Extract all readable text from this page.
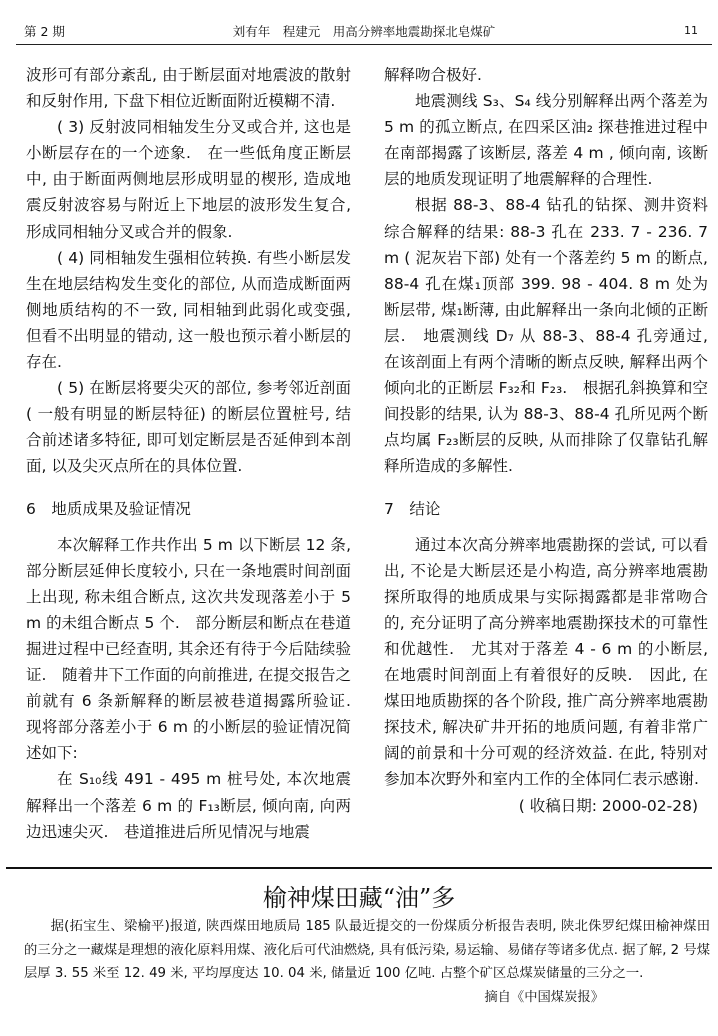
第 2 期	刘有年　程建元　用高分辨率地震勘探北皂煤矿	11

波形可有部分紊乱, 由于断层面对地震波的散射和反射作用, 下盘下相位近断面附近模糊不清.

( 3) 反射波同相轴发生分叉或合并, 这也是小断层存在的一个迹象.　在一些低角度正断层中, 由于断面两侧地层形成明显的楔形, 造成地震反射波容易与附近上下地层的波形发生复合, 形成同相轴分叉或合并的假象.

( 4) 同相轴发生强相位转换. 有些小断层发生在地层结构发生变化的部位, 从而造成断面两侧地质结构的不一致, 同相轴到此弱化或变强, 但看不出明显的错动, 这一般也预示着小断层的存在.

( 5) 在断层将要尖灭的部位, 参考邻近剖面( 一般有明显的断层特征) 的断层位置桩号, 结合前述诸多特征, 即可划定断层是否延伸到本剖面, 以及尖灭点所在的具体位置.

6　地质成果及验证情况

本次解释工作共作出 5 m 以下断层 12 条, 部分断层延伸长度较小, 只在一条地震时间剖面上出现, 称未组合断点, 这次共发现落差小于 5 m 的未组合断点 5 个.　部分断层和断点在巷道掘进过程中已经查明, 其余还有待于今后陆续验证.　随着井下工作面的向前推进, 在提交报告之前就有 6 条新解释的断层被巷道揭露所验证.　现将部分落差小于 6 m 的小断层的验证情况简述如下:

在 S₁₀线 491 - 495 m 桩号处, 本次地震解释出一个落差 6 m 的 F₁₃断层, 倾向南, 向两边迅速尖灭.　巷道推进后所见情况与地震

解释吻合极好.

地震测线 S₃、S₄ 线分别解释出两个落差为 5 m 的孤立断点, 在四采区油₂ 探巷推进过程中在南部揭露了该断层, 落差 4 m , 倾向南, 该断层的地质发现证明了地震解释的合理性.

根据 88-3、88-4 钻孔的钻探、测井资料综合解释的结果: 88-3 孔在 233. 7 - 236. 7 m ( 泥灰岩下部) 处有一个落差约 5 m 的断点, 88-4 孔在煤₁顶部 399. 98 - 404. 8 m 处为断层带, 煤₁断薄, 由此解释出一条向北倾的正断层.　地震测线 D₇ 从 88-3、88-4 孔旁通过, 在该剖面上有两个清晰的断点反映, 解释出两个倾向北的正断层 F₃₂和 F₂₃.　根据孔斜换算和空间投影的结果, 认为 88-3、88-4 孔所见两个断点均属 F₂₃断层的反映, 从而排除了仅靠钻孔解释所造成的多解性.

7　结论

通过本次高分辨率地震勘探的尝试, 可以看出, 不论是大断层还是小构造, 高分辨率地震勘探所取得的地质成果与实际揭露都是非常吻合的, 充分证明了高分辨率地震勘探技术的可靠性和优越性.　尤其对于落差 4 - 6 m 的小断层, 在地震时间剖面上有着很好的反映.　因此, 在煤田地质勘探的各个阶段, 推广高分辨率地震勘探技术, 解决矿井开拓的地质问题, 有着非常广阔的前景和十分可观的经济效益. 在此, 特别对参加本次野外和室内工作的全体同仁表示感谢.

( 收稿日期: 2000-02-28)

榆神煤田藏“油”多

据(拓宝生、梁榆平)报道, 陕西煤田地质局 185 队最近提交的一份煤质分析报告表明, 陕北侏罗纪煤田榆神煤田的三分之一藏煤是理想的液化原料用煤、液化后可代油燃烧, 具有低污染, 易运输、易储存等诸多优点. 据了解, 2 号煤层厚 3. 55 米至 12. 49 米, 平均厚度达 10. 04 米, 储量近 100 亿吨. 占整个矿区总煤炭储量的三分之一.

摘自《中国煤炭报》
